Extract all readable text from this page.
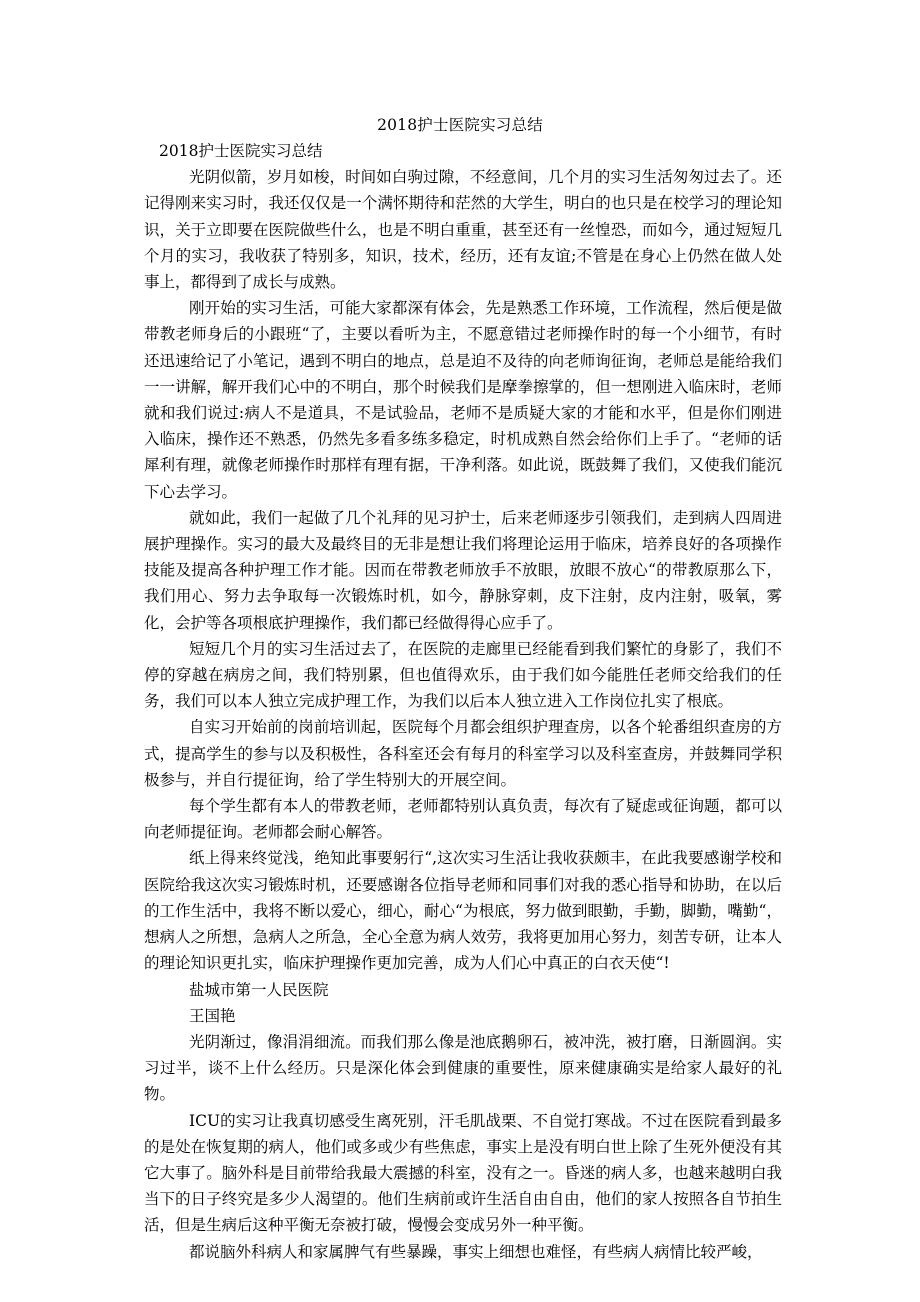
2018护士医院实习总结

2018护士医院实习总结

光阴似箭，岁月如梭，时间如白驹过隙，不经意间，几个月的实习生活匆匆过去了。还记得刚来实习时，我还仅仅是一个满怀期待和茫然的大学生，明白的也只是在校学习的理论知识，关于立即要在医院做些什么，也是不明白重重，甚至还有一丝惶恐，而如今，通过短短几个月的实习，我收获了特别多，知识，技术，经历，还有友谊;不管是在身心上仍然在做人处事上，都得到了成长与成熟。

刚开始的实习生活，可能大家都深有体会，先是熟悉工作环境，工作流程，然后便是做带教老师身后的小跟班“了，主要以看听为主，不愿意错过老师操作时的每一个小细节，有时还迅速给记了小笔记，遇到不明白的地点，总是迫不及待的向老师询征询，老师总是能给我们一一讲解，解开我们心中的不明白，那个时候我们是摩拳擦掌的，但一想刚进入临床时，老师就和我们说过:病人不是道具，不是试验品，老师不是质疑大家的才能和水平，但是你们刚进入临床，操作还不熟悉，仍然先多看多练多稳定，时机成熟自然会给你们上手了。“老师的话犀利有理，就像老师操作时那样有理有据，干净利落。如此说，既鼓舞了我们，又使我们能沉下心去学习。

就如此，我们一起做了几个礼拜的见习护士，后来老师逐步引领我们，走到病人四周进展护理操作。实习的最大及最终目的无非是想让我们将理论运用于临床，培养良好的各项操作技能及提高各种护理工作才能。因而在带教老师放手不放眼，放眼不放心“的带教原那么下，我们用心、努力去争取每一次锻炼时机，如今，静脉穿刺，皮下注射，皮内注射，吸氧，雾化，会护等各项根底护理操作，我们都已经做得得心应手了。

短短几个月的实习生活过去了，在医院的走廊里已经能看到我们繁忙的身影了，我们不停的穿越在病房之间，我们特别累，但也值得欢乐，由于我们如今能胜任老师交给我们的任务，我们可以本人独立完成护理工作，为我们以后本人独立进入工作岗位扎实了根底。

自实习开始前的岗前培训起，医院每个月都会组织护理查房，以各个轮番组织查房的方式，提高学生的参与以及积极性，各科室还会有每月的科室学习以及科室查房，并鼓舞同学积极参与，并自行提征询，给了学生特别大的开展空间。

每个学生都有本人的带教老师，老师都特别认真负责，每次有了疑虑或征询题，都可以向老师提征询。老师都会耐心解答。

纸上得来终觉浅，绝知此事要躬行“,这次实习生活让我收获颇丰，在此我要感谢学校和医院给我这次实习锻炼时机，还要感谢各位指导老师和同事们对我的悉心指导和协助，在以后的工作生活中，我将不断以爱心，细心，耐心“为根底，努力做到眼勤，手勤，脚勤，嘴勤“，想病人之所想，急病人之所急，全心全意为病人效劳，我将更加用心努力，刻苦专研，让本人的理论知识更扎实，临床护理操作更加完善，成为人们心中真正的白衣天使“!

盐城市第一人民医院

王国艳

光阴渐过，像涓涓细流。而我们那么像是池底鹅卵石，被冲洗，被打磨，日渐圆润。实习过半，谈不上什么经历。只是深化体会到健康的重要性，原来健康确实是给家人最好的礼物。

ICU的实习让我真切感受生离死别，汗毛肌战栗、不自觉打寒战。不过在医院看到最多的是处在恢复期的病人，他们或多或少有些焦虑，事实上是没有明白世上除了生死外便没有其它大事了。脑外科是目前带给我最大震撼的科室，没有之一。昏迷的病人多，也越来越明白我当下的日子终究是多少人渴望的。他们生病前或许生活自由自由，他们的家人按照各自节拍生活，但是生病后这种平衡无奈被打破，慢慢会变成另外一种平衡。

都说脑外科病人和家属脾气有些暴躁，事实上细想也难怪，有些病人病情比较严峻，
